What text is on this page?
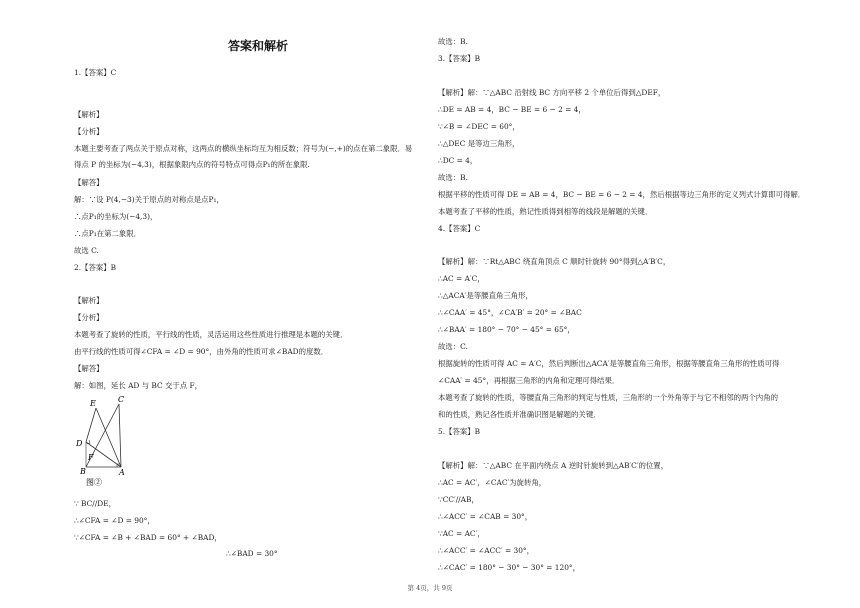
答案和解析
1.【答案】C
【解析】
【分析】
本题主要考查了两点关于原点对称，这两点的横纵坐标均互为相反数；符号为(−,+)的点在第二象限．易
得点 P 的坐标为(−4,3)，根据象限内点的符号特点可得点P₁的所在象限.
【解答】
解：∵设 P(4,−3)关于原点的对称点是点P₁，
∴点P₁的坐标为(−4,3)，
∴点P₁在第二象限．
故选 C.
2.【答案】B
【解析】
【分析】
本题考查了旋转的性质，平行线的性质，灵活运用这些性质进行推理是本题的关键．
由平行线的性质可得∠CFA = ∠D = 90°，由外角的性质可求∠BAD的度数．
【解答】
解：如图，延长 AD 与 BC 交于点 F，
E	C
D
F
B	A
图②
∵ BC//DE，
∴∠CFA = ∠D = 90°，
∵∠CFA = ∠B + ∠BAD = 60° + ∠BAD，
∴∠BAD = 30°
故选：B.
3.【答案】B
【解析】解：∵△ABC 沿射线 BC 方向平移 2 个单位后得到△DEF，
∴DE = AB = 4，BC − BE = 6 − 2 = 4，
∵∠B = ∠DEC = 60°，
∴△DEC 是等边三角形，
∴DC = 4，
故选：B.
根据平移的性质可得 DE = AB = 4，BC − BE = 6 − 2 = 4，然后根据等边三角形的定义列式计算即可得解．
本题考查了平移的性质，熟记性质得到相等的线段是解题的关键．
4.【答案】C
【解析】解：∵Rt△ABC 绕直角顶点 C 顺时针旋转 90°得到△A′B′C，
∴AC = A′C，
∴△ACA′是等腰直角三角形，
∴∠CAA′ = 45°，∠CA′B′ = 20° = ∠BAC
∴∠BAA′ = 180° − 70° − 45° = 65°，
故选：C.
根据旋转的性质可得 AC = A′C，然后判断出△ACA′是等腰直角三角形，根据等腰直角三角形的性质可得
∠CAA′ = 45°，再根据三角形的内角和定理可得结果．
本题考查了旋转的性质，等腰直角三角形的判定与性质，三角形的一个外角等于与它不相邻的两个内角的
和的性质，熟记各性质并准确识图是解题的关键．
5.【答案】B
【解析】解：∵△ABC 在平面内绕点 A 逆时针旋转到△AB′C′的位置，
∴AC = AC′，∠CAC′为旋转角，
∵CC′//AB，
∴∠ACC′ = ∠CAB = 30°，
∵AC = AC′，
∴∠ACC′ = ∠ACC′ = 30°，
∴∠CAC′ = 180° − 30° − 30° = 120°，
第 4页，共 9页
